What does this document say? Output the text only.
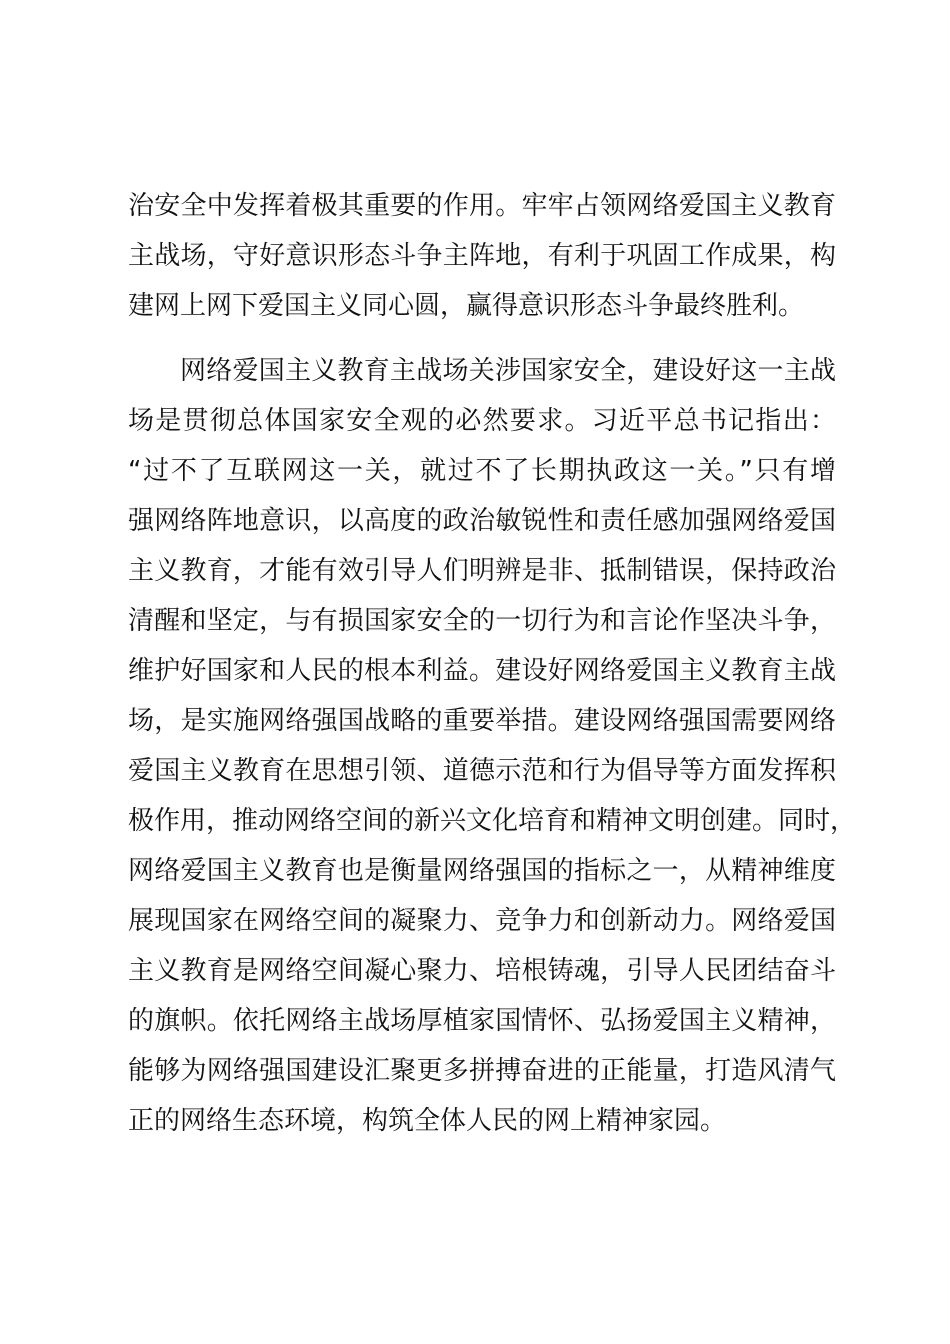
治安全中发挥着极其重要的作用。牢牢占领网络爱国主义教育
主战场，守好意识形态斗争主阵地，有利于巩固工作成果，构
建网上网下爱国主义同心圆，赢得意识形态斗争最终胜利。
网络爱国主义教育主战场关涉国家安全，建设好这一主战
场是贯彻总体国家安全观的必然要求。习近平总书记指出：
“过不了互联网这一关，就过不了长期执政这一关。”只有增
强网络阵地意识，以高度的政治敏锐性和责任感加强网络爱国
主义教育，才能有效引导人们明辨是非、抵制错误，保持政治
清醒和坚定，与有损国家安全的一切行为和言论作坚决斗争，
维护好国家和人民的根本利益。建设好网络爱国主义教育主战
场，是实施网络强国战略的重要举措。建设网络强国需要网络
爱国主义教育在思想引领、道德示范和行为倡导等方面发挥积
极作用，推动网络空间的新兴文化培育和精神文明创建。同时，
网络爱国主义教育也是衡量网络强国的指标之一，从精神维度
展现国家在网络空间的凝聚力、竞争力和创新动力。网络爱国
主义教育是网络空间凝心聚力、培根铸魂，引导人民团结奋斗
的旗帜。依托网络主战场厚植家国情怀、弘扬爱国主义精神，
能够为网络强国建设汇聚更多拼搏奋进的正能量，打造风清气
正的网络生态环境，构筑全体人民的网上精神家园。
